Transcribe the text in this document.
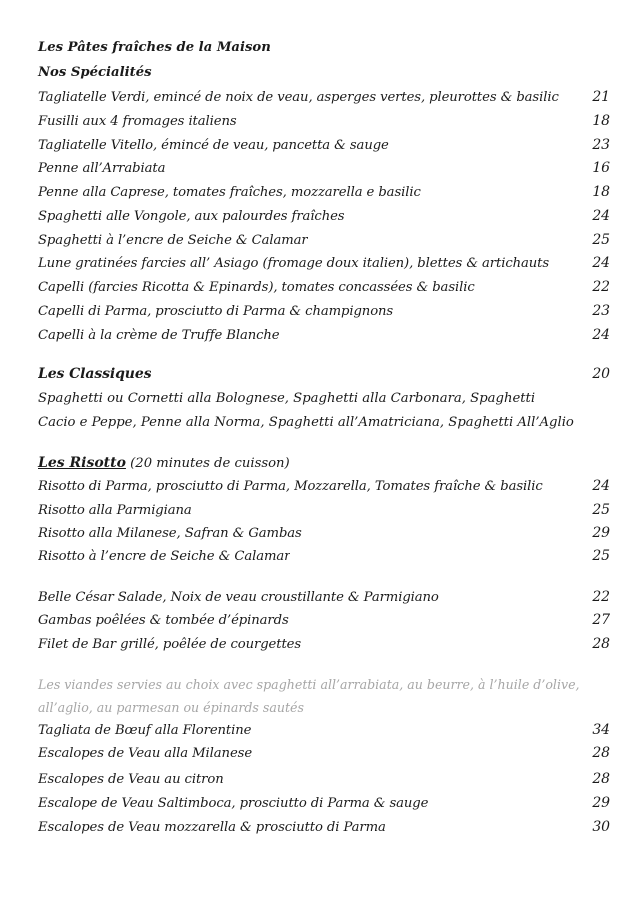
Les Pâtes fraîches de la Maison
Nos Spécialités
Tagliatelle Verdi, emincé de noix de veau, asperges vertes, pleurottes & basilic 21
Fusilli aux 4 fromages italiens	18
Tagliatelle Vitello, émincé de veau, pancetta & sauge	23
Penne all’Arrabiata	16
Penne alla Caprese, tomates fraîches, mozzarella e basilic	18
Spaghetti alle Vongole, aux palourdes fraîches	24
Spaghetti à l’encre de Seiche & Calamar	25
Lune gratinées farcies all’ Asiago (fromage doux italien), blettes & artichauts	24
Capelli (farcies Ricotta & Epinards), tomates concassées & basilic	22
Capelli di Parma, prosciutto di Parma & champignons	23
Capelli à la crème de Truffe Blanche	24
Les Classiques	20
Spaghetti ou Cornetti alla Bolognese, Spaghetti alla Carbonara, Spaghetti
Cacio e Peppe, Penne alla Norma, Spaghetti all’Amatriciana, Spaghetti All’Aglio
Les Risotto (20 minutes de cuisson)
Risotto di Parma, prosciutto di Parma, Mozzarella, Tomates fraîche & basilic	24
Risotto alla Parmigiana	25
Risotto alla Milanese, Safran & Gambas	29
Risotto à l’encre de Seiche & Calamar	25
Belle César Salade, Noix de veau croustillante & Parmigiano	22
Gambas poêlées & tombée d’épinards	27
Filet de Bar grillé, poêlée de courgettes	28
Les viandes servies au choix avec spaghetti all’arrabiata, au beurre, à l’huile d’olive,
all’aglio, au parmesan ou épinards sautés
Tagliata de Bœuf alla Florentine	34
Escalopes de Veau alla Milanese	28
Escalopes de Veau au citron	28
Escalope de Veau Saltimboca, prosciutto di Parma & sauge	29
Escalopes de Veau mozzarella & prosciutto di Parma	30
